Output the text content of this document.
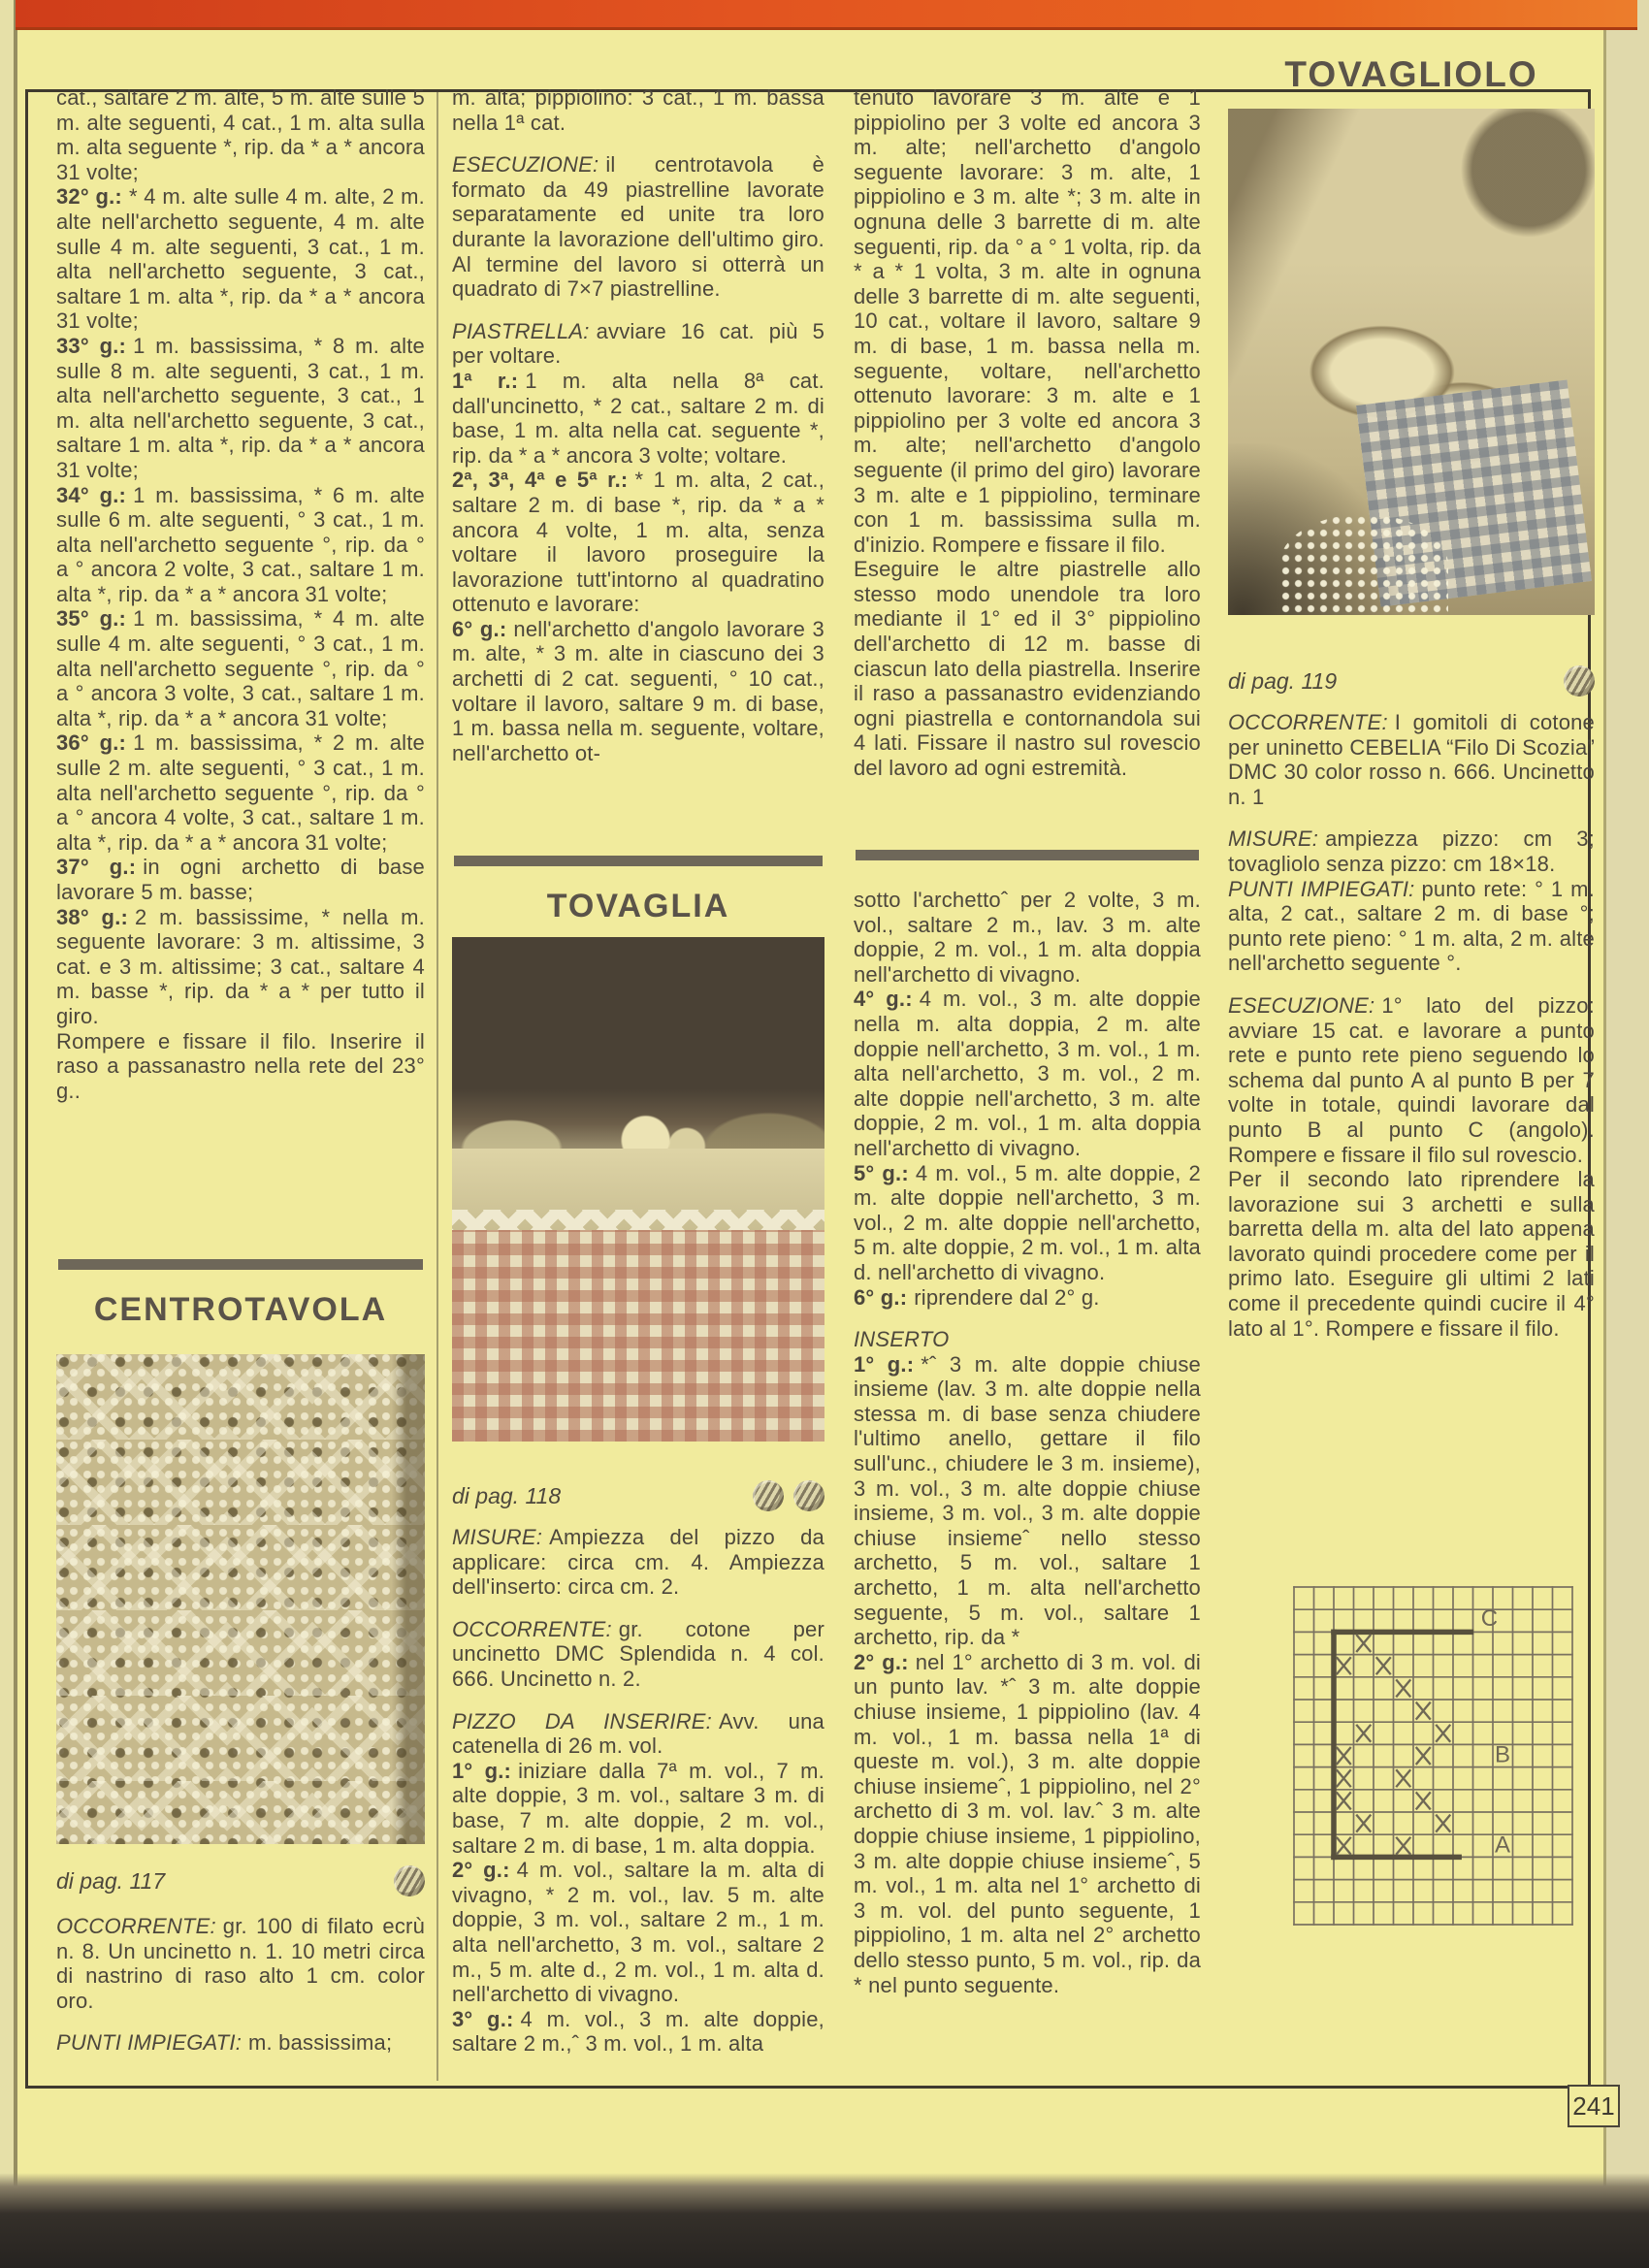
cat., saltare 2 m. alte, 5 m. alte sulle 5 m. alte seguenti, 4 cat., 1 m. alta sulla m. alta seguente *, rip. da * a * ancora 31 volte;

32° g.: * 4 m. alte sulle 4 m. alte, 2 m. alte nell'archetto seguente, 4 m. alte sulle 4 m. alte seguenti, 3 cat., 1 m. alta nell'archetto seguente, 3 cat., saltare 1 m. alta *, rip. da * a * ancora 31 volte;

33° g.: 1 m. bassissima, * 8 m. alte sulle 8 m. alte seguenti, 3 cat., 1 m. alta nell'archetto seguente, 3 cat., 1 m. alta nell'archetto seguente, 3 cat., saltare 1 m. alta *, rip. da * a * ancora 31 volte;

34° g.: 1 m. bassissima, * 6 m. alte sulle 6 m. alte seguenti, ° 3 cat., 1 m. alta nell'archetto seguente °, rip. da ° a ° ancora 2 volte, 3 cat., saltare 1 m. alta *, rip. da * a * ancora 31 volte;

35° g.: 1 m. bassissima, * 4 m. alte sulle 4 m. alte seguenti, ° 3 cat., 1 m. alta nell'archetto seguente °, rip. da ° a ° ancora 3 volte, 3 cat., saltare 1 m. alta *, rip. da * a * ancora 31 volte;

36° g.: 1 m. bassissima, * 2 m. alte sulle 2 m. alte seguenti, ° 3 cat., 1 m. alta nell'archetto seguente °, rip. da ° a ° ancora 4 volte, 3 cat., saltare 1 m. alta *, rip. da * a * ancora 31 volte;

37° g.: in ogni archetto di base lavorare 5 m. basse;

38° g.: 2 m. bassissime, * nella m. seguente lavorare: 3 m. altissime, 3 cat. e 3 m. altissime; 3 cat., saltare 4 m. basse *, rip. da * a * per tutto il giro.

Rompere e fissare il filo. Inserire il raso a passanastro nella rete del 23° g..

CENTROTAVOLA
di pag. 117

OCCORRENTE: gr. 100 di filato ecrù n. 8. Un uncinetto n. 1. 10 metri circa di nastrino di raso alto 1 cm. color oro.

PUNTI IMPIEGATI: m. bassissima;

m. alta; pippiolino: 3 cat., 1 m. bassa nella 1ª cat.

ESECUZIONE: il centrotavola è formato da 49 piastrelline lavorate separatamente ed unite tra loro durante la lavorazione dell'ultimo giro. Al termine del lavoro si otterrà un quadrato di 7×7 piastrelline.

PIASTRELLA: avviare 16 cat. più 5 per voltare.

1ª r.: 1 m. alta nella 8ª cat. dall'uncinetto, * 2 cat., saltare 2 m. di base, 1 m. alta nella cat. seguente *, rip. da * a * ancora 3 volte; voltare.

2ª, 3ª, 4ª e 5ª r.: * 1 m. alta, 2 cat., saltare 2 m. di base *, rip. da * a * ancora 4 volte, 1 m. alta, senza voltare il lavoro proseguire la lavorazione tutt'intorno al quadratino ottenuto e lavorare:

6° g.: nell'archetto d'angolo lavorare 3 m. alte, * 3 m. alte in ciascuno dei 3 archetti di 2 cat. seguenti, ° 10 cat., voltare il lavoro, saltare 9 m. di base, 1 m. bassa nella m. seguente, voltare, nell'archetto ot-

TOVAGLIA
di pag. 118

MISURE: Ampiezza del pizzo da applicare: circa cm. 4. Ampiezza dell'inserto: circa cm. 2.

OCCORRENTE: gr. cotone per uncinetto DMC Splendida n. 4 col. 666. Uncinetto n. 2.

PIZZO DA INSERIRE: Avv. una catenella di 26 m. vol.

1° g.: iniziare dalla 7ª m. vol., 7 m. alte doppie, 3 m. vol., saltare 3 m. di base, 7 m. alte doppie, 2 m. vol., saltare 2 m. di base, 1 m. alta doppia.

2° g.: 4 m. vol., saltare la m. alta di vivagno, * 2 m. vol., lav. 5 m. alte doppie, 3 m. vol., saltare 2 m., 1 m. alta nell'archetto, 3 m. vol., saltare 2 m., 5 m. alte d., 2 m. vol., 1 m. alta d. nell'archetto di vivagno.

3° g.: 4 m. vol., 3 m. alte doppie, saltare 2 m.,ˆ 3 m. vol., 1 m. alta

tenuto lavorare 3 m. alte e 1 pippiolino per 3 volte ed ancora 3 m. alte; nell'archetto d'angolo seguente lavorare: 3 m. alte, 1 pippiolino e 3 m. alte *; 3 m. alte in ognuna delle 3 barrette di m. alte seguenti, rip. da ° a ° 1 volta, rip. da * a * 1 volta, 3 m. alte in ognuna delle 3 barrette di m. alte seguenti, 10 cat., voltare il lavoro, saltare 9 m. di base, 1 m. bassa nella m. seguente, voltare, nell'archetto ottenuto lavorare: 3 m. alte e 1 pippiolino per 3 volte ed ancora 3 m. alte; nell'archetto d'angolo seguente (il primo del giro) lavorare 3 m. alte e 1 pippiolino, terminare con 1 m. bassissima sulla m. d'inizio. Rompere e fissare il filo.

Eseguire le altre piastrelle allo stesso modo unendole tra loro mediante il 1° ed il 3° pippiolino dell'archetto di 12 m. basse di ciascun lato della piastrella. Inserire il raso a passanastro evidenziando ogni piastrella e contornandola sui 4 lati. Fissare il nastro sul rovescio del lavoro ad ogni estremità.

sotto l'archettoˆ per 2 volte, 3 m. vol., saltare 2 m., lav. 3 m. alte doppie, 2 m. vol., 1 m. alta doppia nell'archetto di vivagno.

4° g.: 4 m. vol., 3 m. alte doppie nella m. alta doppia, 2 m. alte doppie nell'archetto, 3 m. vol., 1 m. alta nell'archetto, 3 m. vol., 2 m. alte doppie nell'archetto, 3 m. alte doppie, 2 m. vol., 1 m. alta doppia nell'archetto di vivagno.

5° g.: 4 m. vol., 5 m. alte doppie, 2 m. alte doppie nell'archetto, 3 m. vol., 2 m. alte doppie nell'archetto, 5 m. alte doppie, 2 m. vol., 1 m. alta d. nell'archetto di vivagno.

6° g.: riprendere dal 2° g.

INSERTO

1° g.: *ˆ 3 m. alte doppie chiuse insieme (lav. 3 m. alte doppie nella stessa m. di base senza chiudere l'ultimo anello, gettare il filo sull'unc., chiudere le 3 m. insieme), 3 m. vol., 3 m. alte doppie chiuse insieme, 3 m. vol., 3 m. alte doppie chiuse insiemeˆ nello stesso archetto, 5 m. vol., saltare 1 archetto, 1 m. alta nell'archetto seguente, 5 m. vol., saltare 1 archetto, rip. da *

2° g.: nel 1° archetto di 3 m. vol. di un punto lav. *ˆ 3 m. alte doppie chiuse insieme, 1 pippiolino (lav. 4 m. vol., 1 m. bassa nella 1ª di queste m. vol.), 3 m. alte doppie chiuse insiemeˆ, 1 pippiolino, nel 2° archetto di 3 m. vol. lav.ˆ 3 m. alte doppie chiuse insieme, 1 pippiolino, 3 m. alte doppie chiuse insiemeˆ, 5 m. vol., 1 m. alta nel 1° archetto di 3 m. vol. del punto seguente, 1 pippiolino, 1 m. alta nel 2° archetto dello stesso punto, 5 m. vol., rip. da * nel punto seguente.

TOVAGLIOLO
di pag. 119

OCCORRENTE: I gomitoli di cotone per uninetto CEBELIA “Filo Di Scozia” DMC 30 color rosso n. 666. Uncinetto n. 1

MISURE: ampiezza pizzo: cm 3; tovagliolo senza pizzo: cm 18×18.

PUNTI IMPIEGATI: punto rete: ° 1 m. alta, 2 cat., saltare 2 m. di base °; punto rete pieno: ° 1 m. alta, 2 m. alte nell'archetto seguente °.

ESECUZIONE: 1° lato del pizzo: avviare 15 cat. e lavorare a punto rete e punto rete pieno seguendo lo schema dal punto A al punto B per 7 volte in totale, quindi lavorare dal punto B al punto C (angolo). Rompere e fissare il filo sul rovescio.

Per il secondo lato riprendere la lavorazione sui 3 archetti e sulla barretta della m. alta del lato appena lavorato quindi procedere come per il primo lato. Eseguire gli ultimi 2 lati come il precedente quindi cucire il 4° lato al 1°. Rompere e fissare il filo.

C
B
A
241
